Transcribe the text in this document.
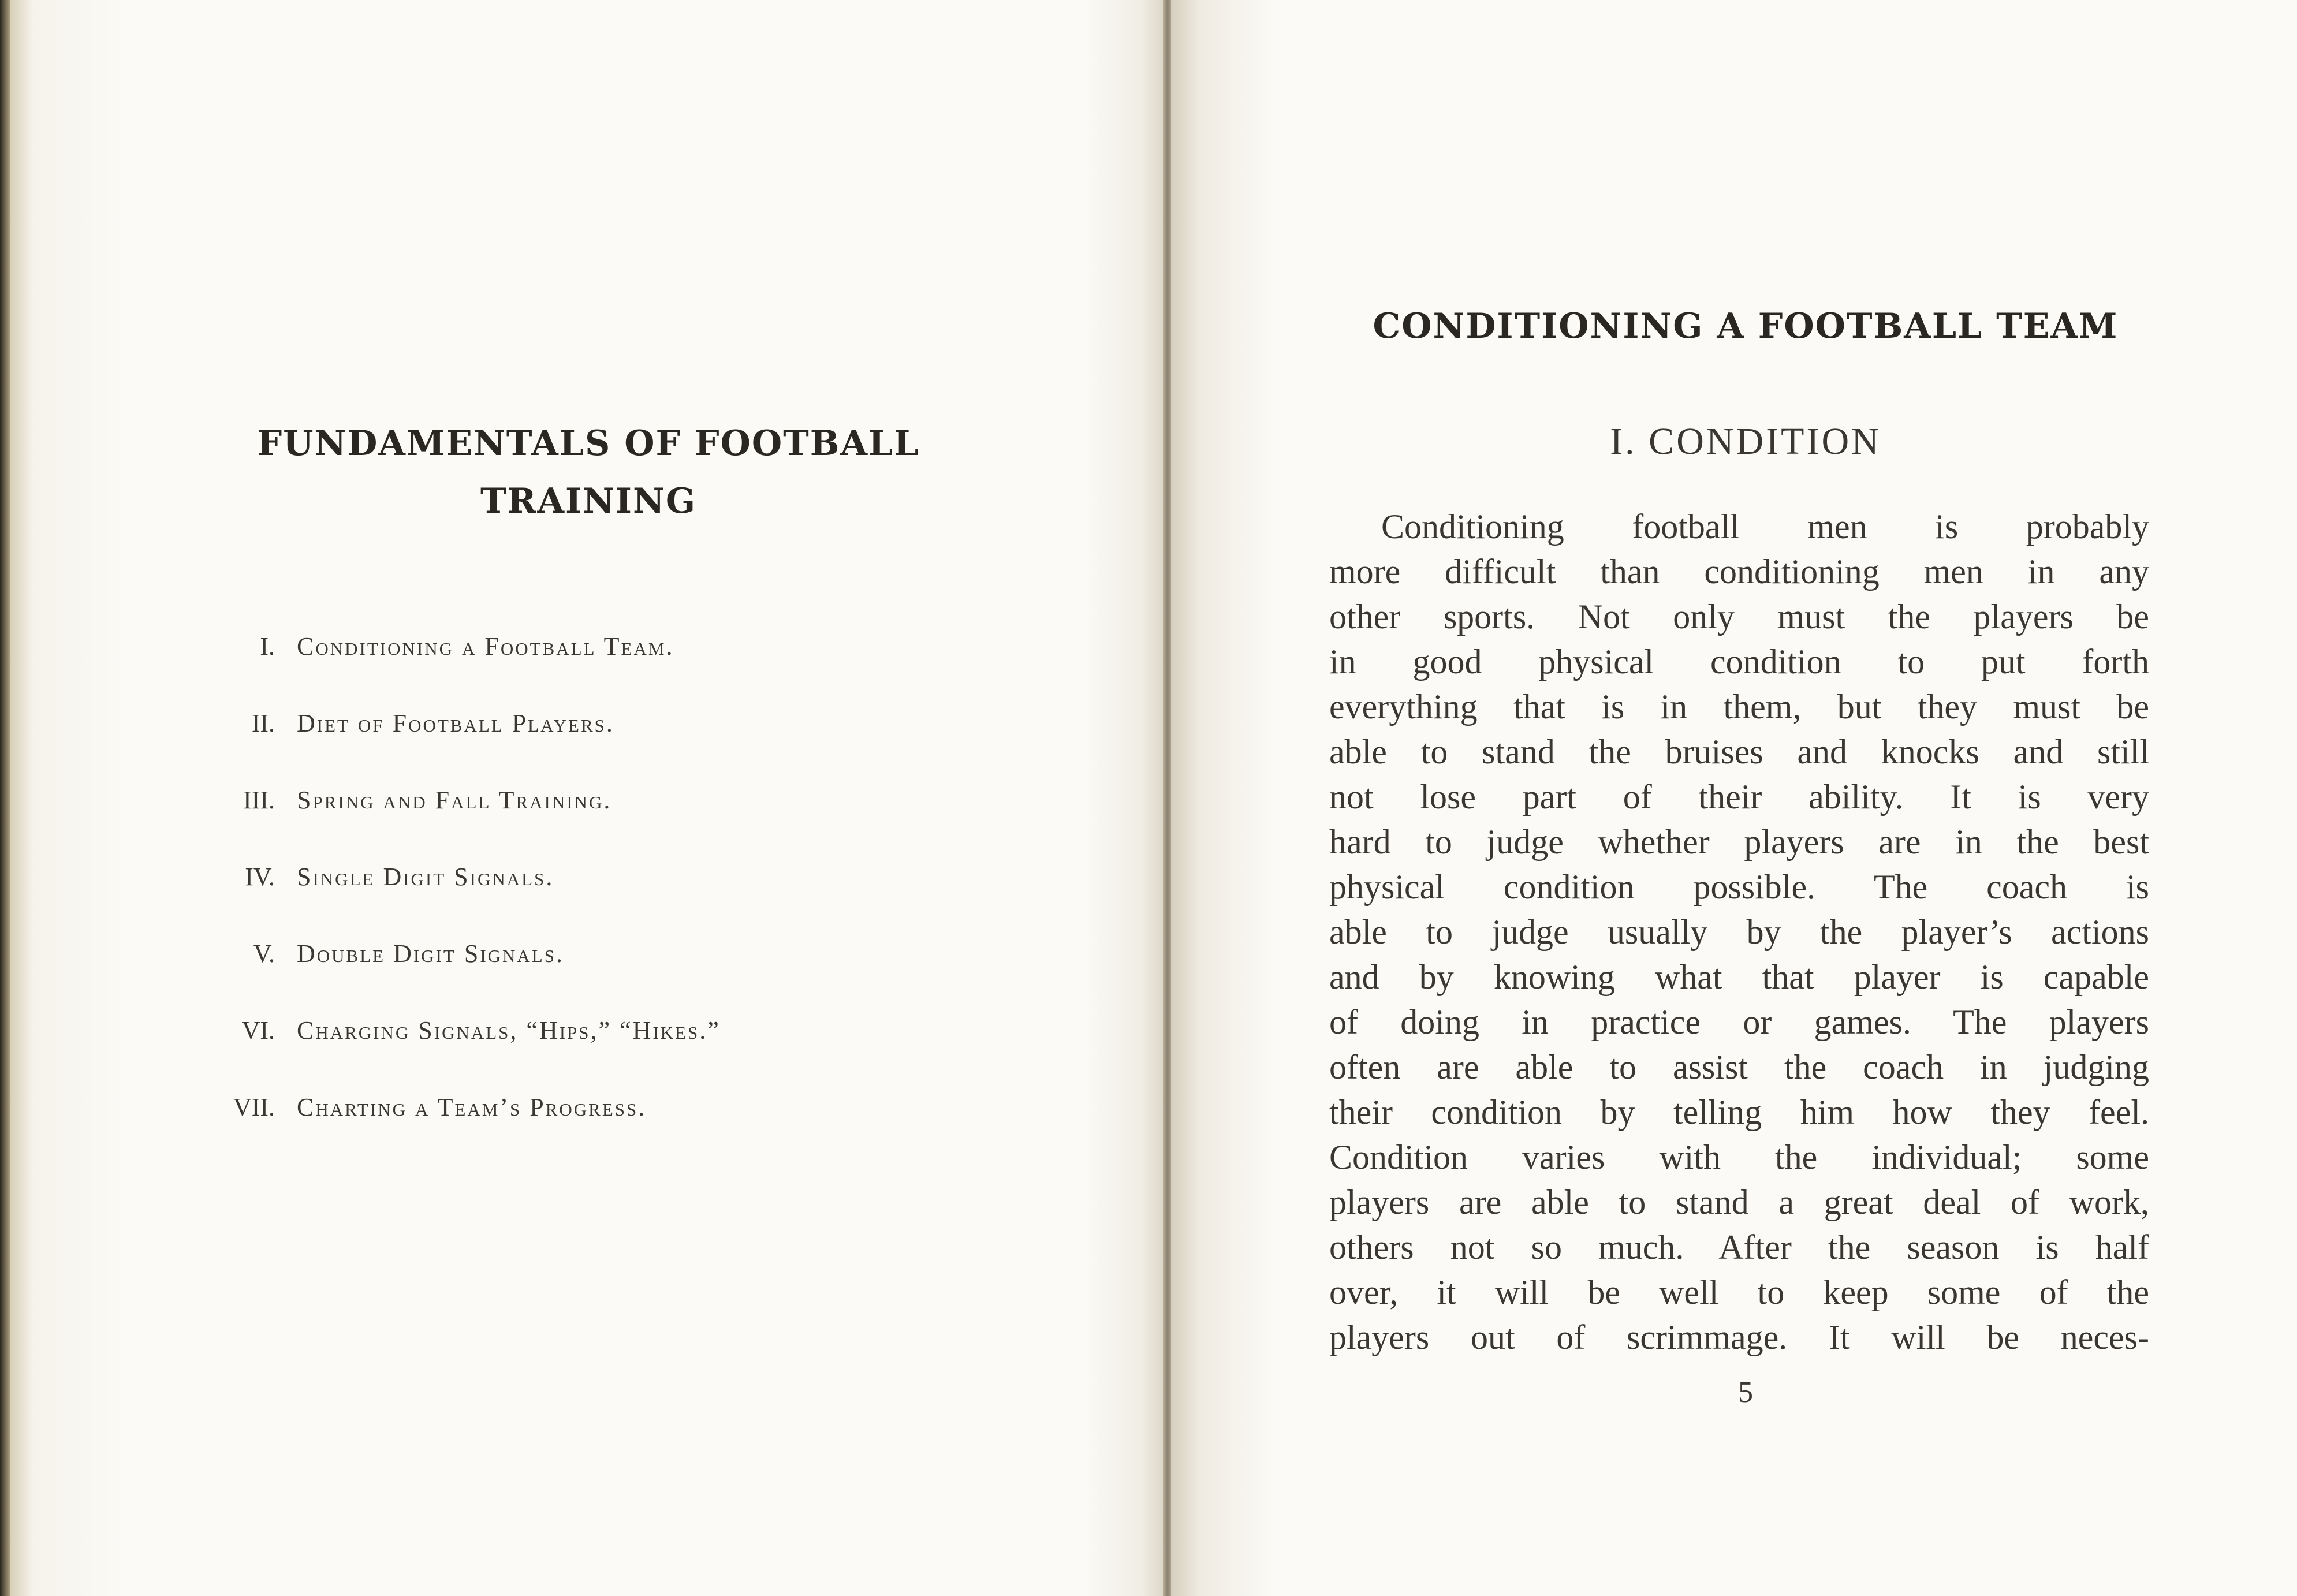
FUNDAMENTALS OF FOOTBALL
TRAINING
I. Conditioning a Football Team.
II. Diet of Football Players.
III. Spring and Fall Training.
IV. Single Digit Signals.
V. Double Digit Signals.
VI. Charging Signals, “Hips,” “Hikes.”
VII. Charting a Team’s Progress.
CONDITIONING A FOOTBALL TEAM
I. CONDITION
Conditioning football men is probably
more difficult than conditioning men in any
other sports. Not only must the players be
in good physical condition to put forth
everything that is in them, but they must be
able to stand the bruises and knocks and still
not lose part of their ability. It is very
hard to judge whether players are in the best
physical condition possible. The coach is
able to judge usually by the player’s actions
and by knowing what that player is capable
of doing in practice or games. The players
often are able to assist the coach in judging
their condition by telling him how they feel.
Condition varies with the individual; some
players are able to stand a great deal of work,
others not so much. After the season is half
over, it will be well to keep some of the
players out of scrimmage. It will be neces-
5
